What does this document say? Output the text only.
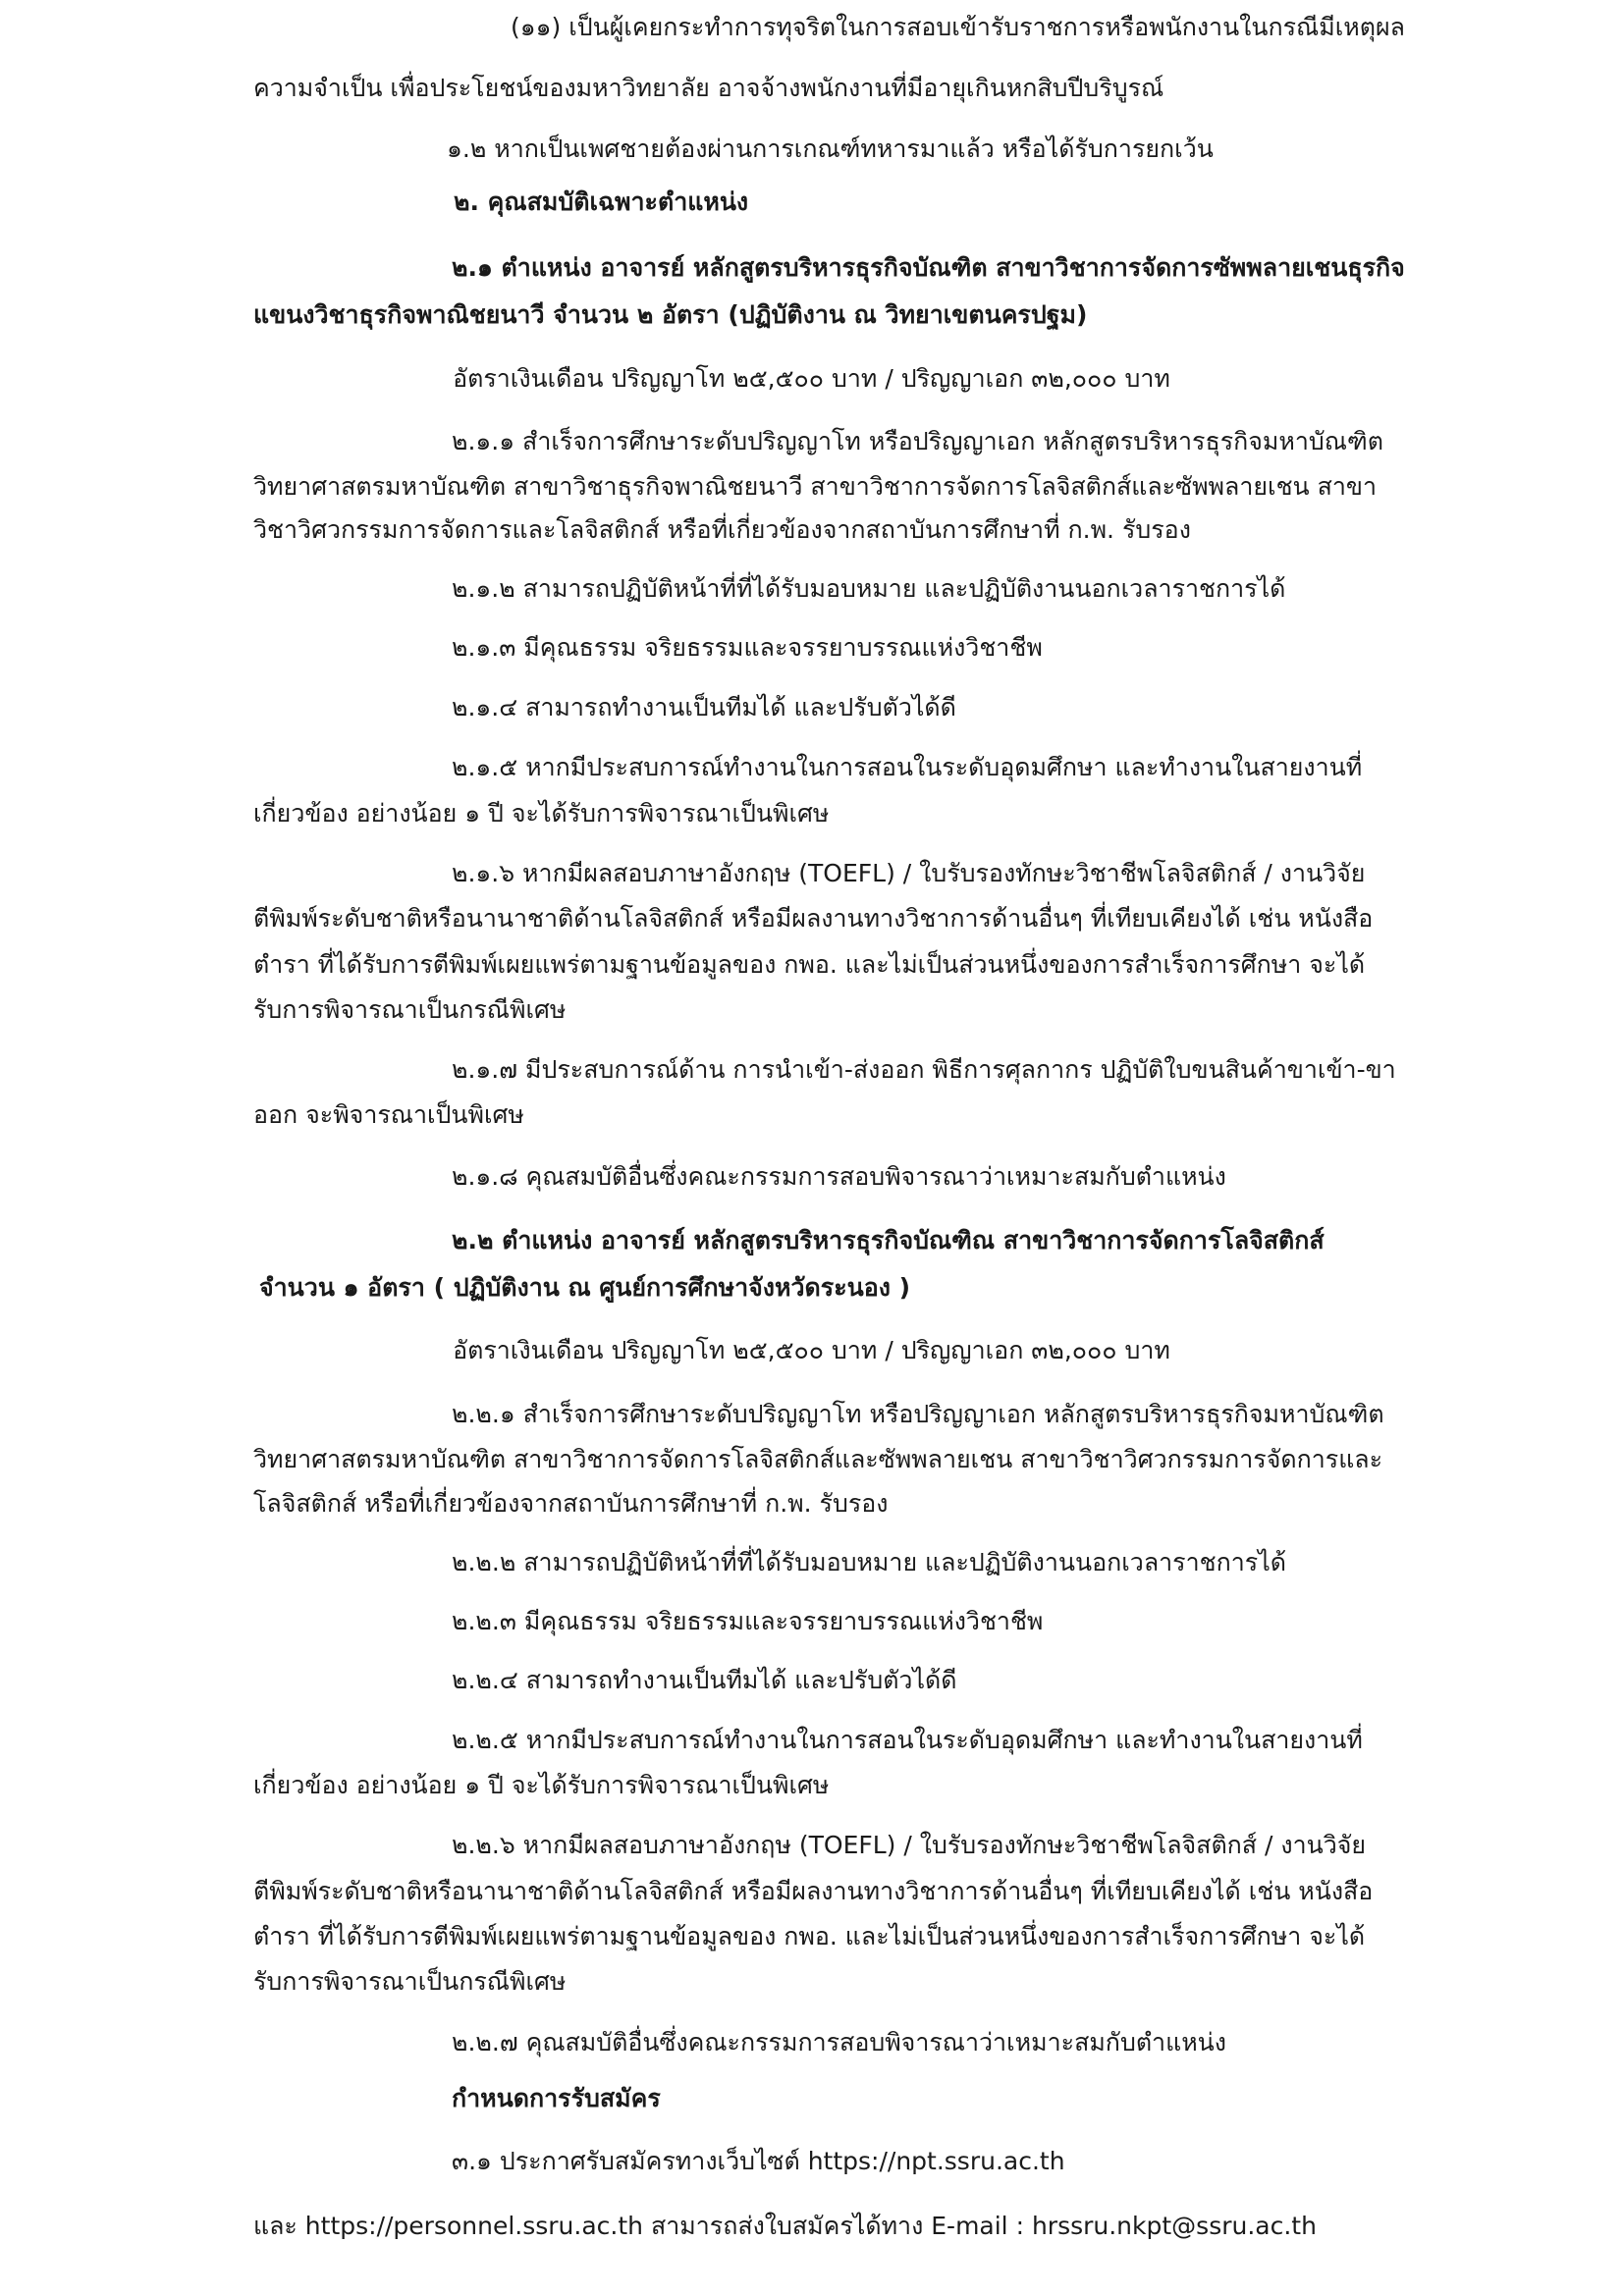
(๑๑) เป็นผู้เคยกระทำการทุจริตในการสอบเข้ารับราชการหรือพนักงานในกรณีมีเหตุผล
ความจำเป็น เพื่อประโยชน์ของมหาวิทยาลัย อาจจ้างพนักงานที่มีอายุเกินหกสิบปีบริบูรณ์
๑.๒ หากเป็นเพศชายต้องผ่านการเกณฑ์ทหารมาแล้ว หรือได้รับการยกเว้น
๒. คุณสมบัติเฉพาะตำแหน่ง
๒.๑ ตำแหน่ง อาจารย์ หลักสูตรบริหารธุรกิจบัณฑิต สาขาวิชาการจัดการซัพพลายเชนธุรกิจ
แขนงวิชาธุรกิจพาณิชยนาวี จำนวน ๒ อัตรา (ปฏิบัติงาน ณ วิทยาเขตนครปฐม)
อัตราเงินเดือน ปริญญาโท ๒๕,๕๐๐ บาท / ปริญญาเอก ๓๒,๐๐๐ บาท
๒.๑.๑ สำเร็จการศึกษาระดับปริญญาโท หรือปริญญาเอก หลักสูตรบริหารธุรกิจมหาบัณฑิต
วิทยาศาสตรมหาบัณฑิต สาขาวิชาธุรกิจพาณิชยนาวี สาขาวิชาการจัดการโลจิสติกส์และซัพพลายเชน สาขา
วิชาวิศวกรรมการจัดการและโลจิสติกส์ หรือที่เกี่ยวข้องจากสถาบันการศึกษาที่ ก.พ. รับรอง
๒.๑.๒ สามารถปฏิบัติหน้าที่ที่ได้รับมอบหมาย และปฏิบัติงานนอกเวลาราชการได้
๒.๑.๓ มีคุณธรรม จริยธรรมและจรรยาบรรณแห่งวิชาชีพ
๒.๑.๔ สามารถทำงานเป็นทีมได้ และปรับตัวได้ดี
๒.๑.๕ หากมีประสบการณ์ทำงานในการสอนในระดับอุดมศึกษา และทำงานในสายงานที่
เกี่ยวข้อง อย่างน้อย ๑ ปี จะได้รับการพิจารณาเป็นพิเศษ
๒.๑.๖ หากมีผลสอบภาษาอังกฤษ (TOEFL) / ใบรับรองทักษะวิชาชีพโลจิสติกส์ / งานวิจัย
ตีพิมพ์ระดับชาติหรือนานาชาติด้านโลจิสติกส์ หรือมีผลงานทางวิชาการด้านอื่นๆ ที่เทียบเคียงได้ เช่น หนังสือ
ตำรา ที่ได้รับการตีพิมพ์เผยแพร่ตามฐานข้อมูลของ กพอ. และไม่เป็นส่วนหนึ่งของการสำเร็จการศึกษา จะได้
รับการพิจารณาเป็นกรณีพิเศษ
๒.๑.๗ มีประสบการณ์ด้าน การนำเข้า-ส่งออก พิธีการศุลกากร ปฏิบัติใบขนสินค้าขาเข้า-ขา
ออก จะพิจารณาเป็นพิเศษ
๒.๑.๘ คุณสมบัติอื่นซึ่งคณะกรรมการสอบพิจารณาว่าเหมาะสมกับตำแหน่ง
๒.๒ ตำแหน่ง อาจารย์ หลักสูตรบริหารธุรกิจบัณฑิณ สาขาวิชาการจัดการโลจิสติกส์
จำนวน ๑ อัตรา ( ปฏิบัติงาน ณ ศูนย์การศึกษาจังหวัดระนอง )
อัตราเงินเดือน ปริญญาโท ๒๕,๕๐๐ บาท / ปริญญาเอก ๓๒,๐๐๐ บาท
๒.๒.๑ สำเร็จการศึกษาระดับปริญญาโท หรือปริญญาเอก หลักสูตรบริหารธุรกิจมหาบัณฑิต
วิทยาศาสตรมหาบัณฑิต สาขาวิชาการจัดการโลจิสติกส์และซัพพลายเชน สาขาวิชาวิศวกรรมการจัดการและ
โลจิสติกส์ หรือที่เกี่ยวข้องจากสถาบันการศึกษาที่ ก.พ. รับรอง
๒.๒.๒ สามารถปฏิบัติหน้าที่ที่ได้รับมอบหมาย และปฏิบัติงานนอกเวลาราชการได้
๒.๒.๓ มีคุณธรรม จริยธรรมและจรรยาบรรณแห่งวิชาชีพ
๒.๒.๔ สามารถทำงานเป็นทีมได้ และปรับตัวได้ดี
๒.๒.๕ หากมีประสบการณ์ทำงานในการสอนในระดับอุดมศึกษา และทำงานในสายงานที่
เกี่ยวข้อง อย่างน้อย ๑ ปี จะได้รับการพิจารณาเป็นพิเศษ
๒.๒.๖ หากมีผลสอบภาษาอังกฤษ (TOEFL) / ใบรับรองทักษะวิชาชีพโลจิสติกส์ / งานวิจัย
ตีพิมพ์ระดับชาติหรือนานาชาติด้านโลจิสติกส์ หรือมีผลงานทางวิชาการด้านอื่นๆ ที่เทียบเคียงได้ เช่น หนังสือ
ตำรา ที่ได้รับการตีพิมพ์เผยแพร่ตามฐานข้อมูลของ กพอ. และไม่เป็นส่วนหนึ่งของการสำเร็จการศึกษา จะได้
รับการพิจารณาเป็นกรณีพิเศษ
๒.๒.๗ คุณสมบัติอื่นซึ่งคณะกรรมการสอบพิจารณาว่าเหมาะสมกับตำแหน่ง
กำหนดการรับสมัคร
๓.๑ ประกาศรับสมัครทางเว็บไซต์ https://npt.ssru.ac.th
และ https://personnel.ssru.ac.th สามารถส่งใบสมัครได้ทาง E-mail : hrssru.nkpt@ssru.ac.th
